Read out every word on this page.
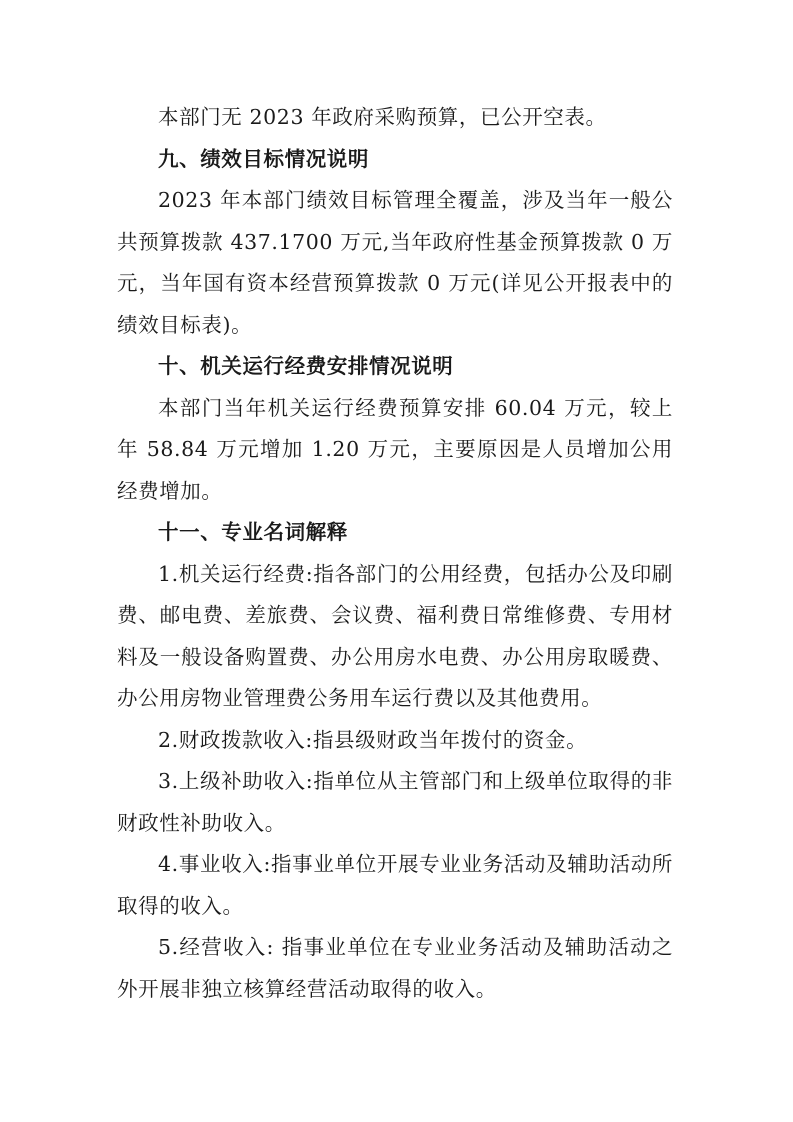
本部门无 2023 年政府采购预算，已公开空表。

九、绩效目标情况说明

2023 年本部门绩效目标管理全覆盖，涉及当年一般公共预算拨款 437.1700 万元,当年政府性基金预算拨款 0 万元，当年国有资本经营预算拨款 0 万元(详见公开报表中的绩效目标表)。

十、机关运行经费安排情况说明

本部门当年机关运行经费预算安排 60.04 万元，较上年 58.84 万元增加 1.20 万元，主要原因是人员增加公用经费增加。

十一、专业名词解释

1.机关运行经费:指各部门的公用经费，包括办公及印刷费、邮电费、差旅费、会议费、福利费日常维修费、专用材料及一般设备购置费、办公用房水电费、办公用房取暖费、办公用房物业管理费公务用车运行费以及其他费用。

2.财政拨款收入:指县级财政当年拨付的资金。

3.上级补助收入:指单位从主管部门和上级单位取得的非财政性补助收入。

4.事业收入:指事业单位开展专业业务活动及辅助活动所取得的收入。

5.经营收入: 指事业单位在专业业务活动及辅助活动之外开展非独立核算经营活动取得的收入。
